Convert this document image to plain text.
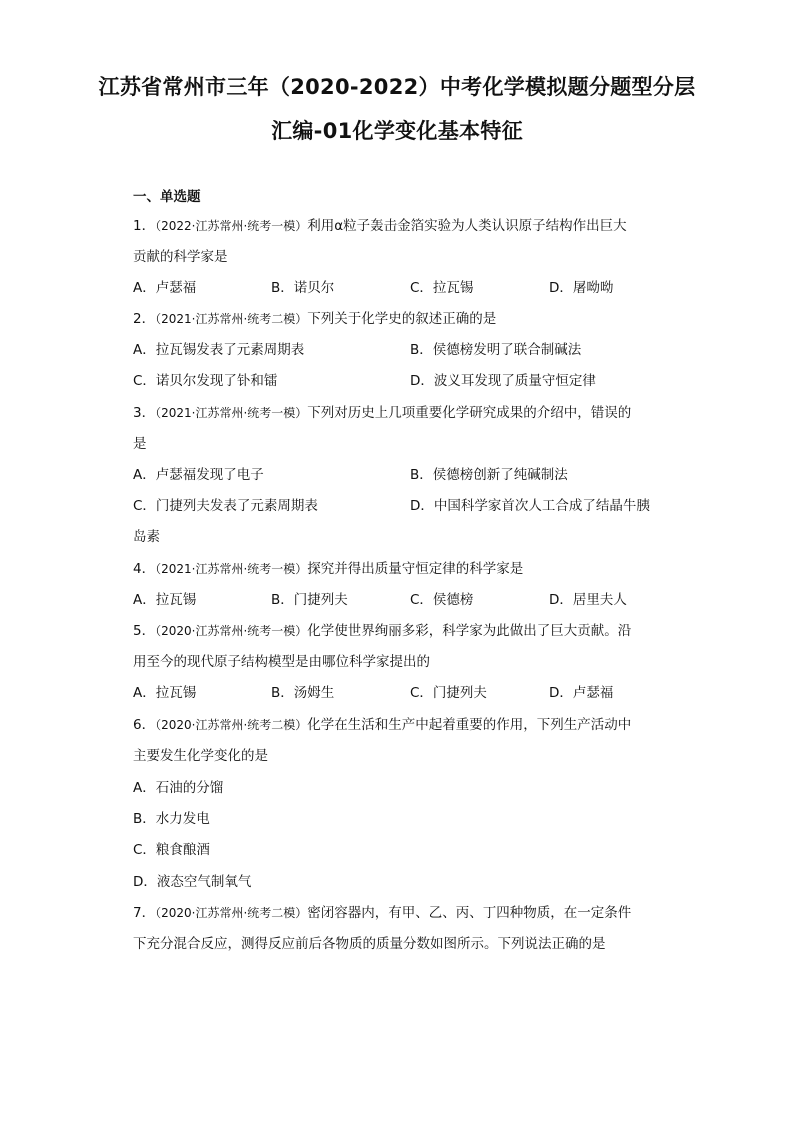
江苏省常州市三年（2020-2022）中考化学模拟题分题型分层
汇编-01化学变化基本特征
一、单选题
1．（2022·江苏常州·统考一模）利用α粒子轰击金箔实验为人类认识原子结构作出巨大
贡献的科学家是
A．卢瑟福	B．诺贝尔	C．拉瓦锡	D．屠呦呦
2．（2021·江苏常州·统考二模）下列关于化学史的叙述正确的是
A．拉瓦锡发表了元素周期表	B．侯德榜发明了联合制碱法
C．诺贝尔发现了钋和镭	D．波义耳发现了质量守恒定律
3．（2021·江苏常州·统考一模）下列对历史上几项重要化学研究成果的介绍中，错误的
是
A．卢瑟福发现了电子	B．侯德榜创新了纯碱制法
C．门捷列夫发表了元素周期表	D．中国科学家首次人工合成了结晶牛胰
岛素
4．（2021·江苏常州·统考一模）探究并得出质量守恒定律的科学家是
A．拉瓦锡	B．门捷列夫	C．侯德榜	D．居里夫人
5．（2020·江苏常州·统考一模）化学使世界绚丽多彩，科学家为此做出了巨大贡献。沿
用至今的现代原子结构模型是由哪位科学家提出的
A．拉瓦锡	B．汤姆生	C．门捷列夫	D．卢瑟福
6．（2020·江苏常州·统考二模）化学在生活和生产中起着重要的作用，下列生产活动中
主要发生化学变化的是
A．石油的分馏
B．水力发电
C．粮食酿酒
D．液态空气制氧气
7．（2020·江苏常州·统考二模）密闭容器内，有甲、乙、丙、丁四种物质，在一定条件
下充分混合反应，测得反应前后各物质的质量分数如图所示。下列说法正确的是
